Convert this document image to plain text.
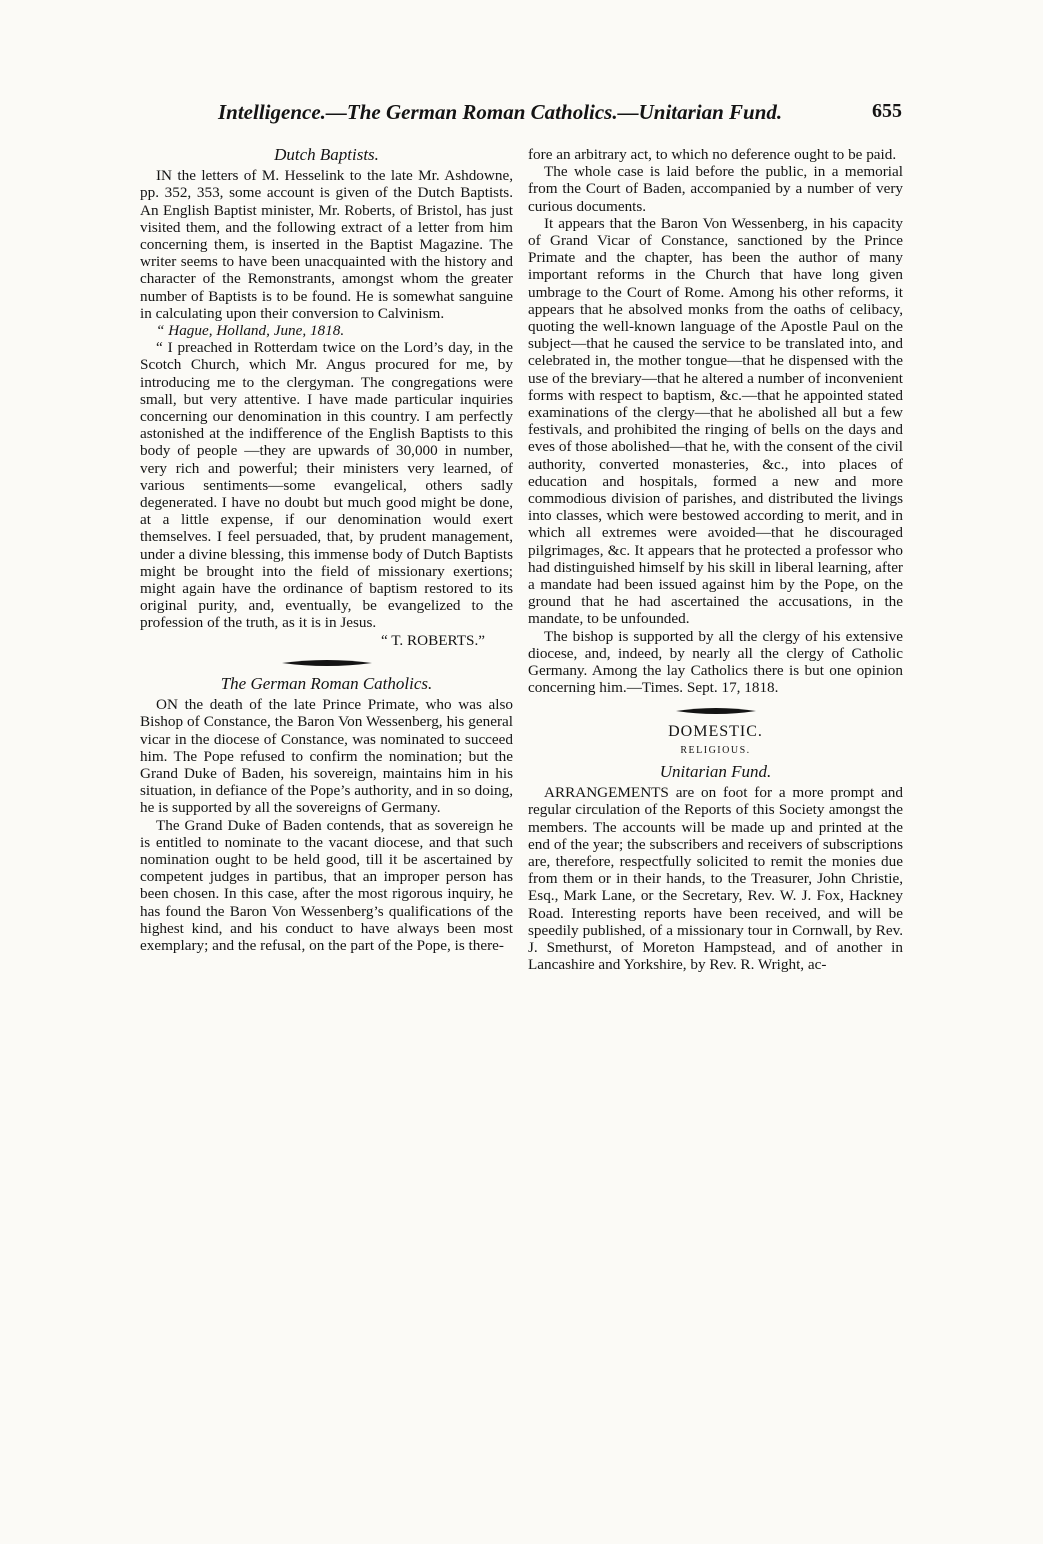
Intelligence.—The German Roman Catholics.—Unitarian Fund.	655
Dutch Baptists.

IN the letters of M. Hesselink to the late Mr. Ashdowne, pp. 352, 353, some account is given of the Dutch Baptists. An English Baptist minister, Mr. Roberts, of Bristol, has just visited them, and the following extract of a letter from him concerning them, is inserted in the Baptist Magazine. The writer seems to have been unacquainted with the history and character of the Remonstrants, amongst whom the greater number of Baptists is to be found. He is somewhat sanguine in calculating upon their conversion to Calvinism.

“ Hague, Holland, June, 1818.

“ I preached in Rotterdam twice on the Lord’s day, in the Scotch Church, which Mr. Angus procured for me, by introducing me to the clergyman. The congregations were small, but very attentive. I have made particular inquiries concerning our denomination in this country. I am perfectly astonished at the indifference of the English Baptists to this body of people —they are upwards of 30,000 in number, very rich and powerful; their ministers very learned, of various sentiments—some evangelical, others sadly degenerated. I have no doubt but much good might be done, at a little expense, if our denomination would exert themselves. I feel persuaded, that, by prudent management, under a divine blessing, this immense body of Dutch Baptists might be brought into the field of missionary exertions; might again have the ordinance of baptism restored to its original purity, and, eventually, be evangelized to the profession of the truth, as it is in Jesus.

“ T. ROBERTS.”

The German Roman Catholics.

ON the death of the late Prince Primate, who was also Bishop of Constance, the Baron Von Wessenberg, his general vicar in the diocese of Constance, was nominated to succeed him. The Pope refused to confirm the nomination; but the Grand Duke of Baden, his sovereign, maintains him in his situation, in defiance of the Pope’s authority, and in so doing, he is supported by all the sovereigns of Germany.

The Grand Duke of Baden contends, that as sovereign he is entitled to nominate to the vacant diocese, and that such nomination ought to be held good, till it be ascertained by competent judges in partibus, that an improper person has been chosen. In this case, after the most rigorous inquiry, he has found the Baron Von Wessenberg’s qualifications of the highest kind, and his conduct to have always been most exemplary; and the refusal, on the part of the Pope, is there-

fore an arbitrary act, to which no deference ought to be paid.

The whole case is laid before the public, in a memorial from the Court of Baden, accompanied by a number of very curious documents.

It appears that the Baron Von Wessenberg, in his capacity of Grand Vicar of Constance, sanctioned by the Prince Primate and the chapter, has been the author of many important reforms in the Church that have long given umbrage to the Court of Rome. Among his other reforms, it appears that he absolved monks from the oaths of celibacy, quoting the well-known language of the Apostle Paul on the subject—that he caused the service to be translated into, and celebrated in, the mother tongue—that he dispensed with the use of the breviary—that he altered a number of inconvenient forms with respect to baptism, &c.—that he appointed stated examinations of the clergy—that he abolished all but a few festivals, and prohibited the ringing of bells on the days and eves of those abolished—that he, with the consent of the civil authority, converted monasteries, &c., into places of education and hospitals, formed a new and more commodious division of parishes, and distributed the livings into classes, which were bestowed according to merit, and in which all extremes were avoided—that he discouraged pilgrimages, &c. It appears that he protected a professor who had distinguished himself by his skill in liberal learning, after a mandate had been issued against him by the Pope, on the ground that he had ascertained the accusations, in the mandate, to be unfounded.

The bishop is supported by all the clergy of his extensive diocese, and, indeed, by nearly all the clergy of Catholic Germany. Among the lay Catholics there is but one opinion concerning him.—Times. Sept. 17, 1818.

DOMESTIC.
RELIGIOUS.
Unitarian Fund.

ARRANGEMENTS are on foot for a more prompt and regular circulation of the Reports of this Society amongst the members. The accounts will be made up and printed at the end of the year; the subscribers and receivers of subscriptions are, therefore, respectfully solicited to remit the monies due from them or in their hands, to the Treasurer, John Christie, Esq., Mark Lane, or the Secretary, Rev. W. J. Fox, Hackney Road. Interesting reports have been received, and will be speedily published, of a missionary tour in Cornwall, by Rev. J. Smethurst, of Moreton Hampstead, and of another in Lancashire and Yorkshire, by Rev. R. Wright, ac-
